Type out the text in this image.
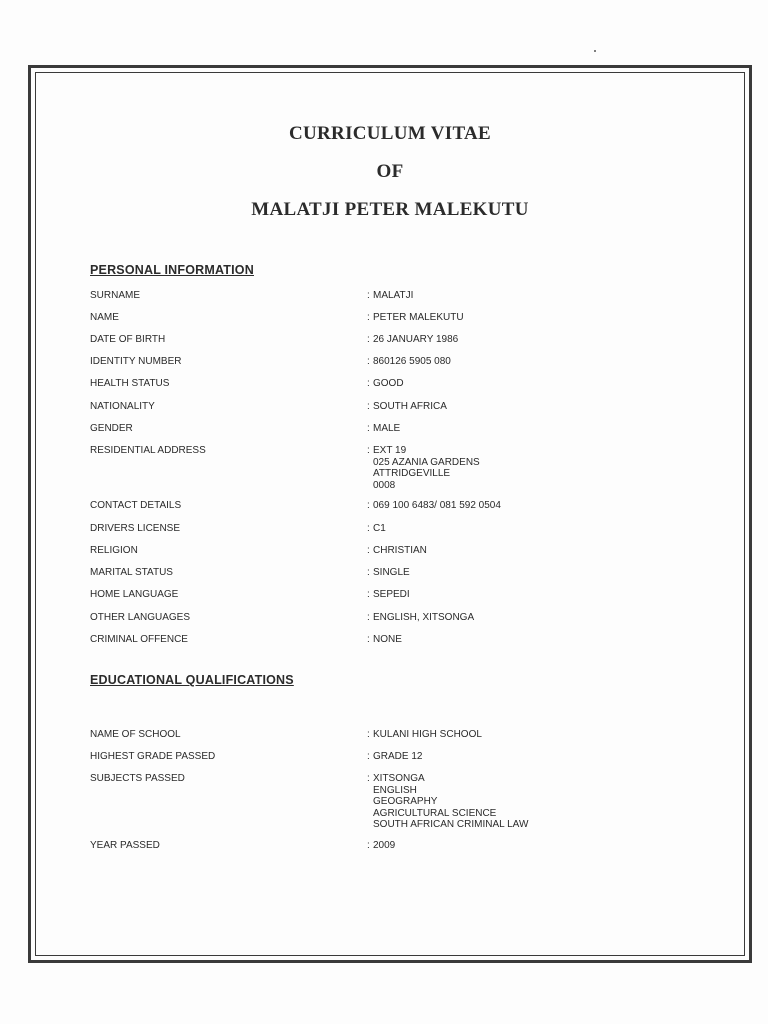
CURRICULUM VITAE
OF
MALATJI PETER MALEKUTU
PERSONAL INFORMATION
SURNAME	: MALATJI
NAME	: PETER MALEKUTU
DATE OF BIRTH	: 26 JANUARY 1986
IDENTITY NUMBER	: 860126 5905 080
HEALTH STATUS	: GOOD
NATIONALITY	: SOUTH AFRICA
GENDER	: MALE
RESIDENTIAL ADDRESS	: EXT 19
025 AZANIA GARDENS
ATTRIDGEVILLE
0008
CONTACT DETAILS	: 069 100 6483/ 081 592 0504
DRIVERS LICENSE	: C1
RELIGION	: CHRISTIAN
MARITAL STATUS	: SINGLE
HOME LANGUAGE	: SEPEDI
OTHER LANGUAGES	: ENGLISH, XITSONGA
CRIMINAL OFFENCE	: NONE
EDUCATIONAL QUALIFICATIONS
NAME OF SCHOOL	: KULANI HIGH SCHOOL
HIGHEST GRADE PASSED	: GRADE 12
SUBJECTS PASSED	: XITSONGA
ENGLISH
GEOGRAPHY
AGRICULTURAL SCIENCE
SOUTH AFRICAN CRIMINAL LAW
YEAR PASSED	: 2009
